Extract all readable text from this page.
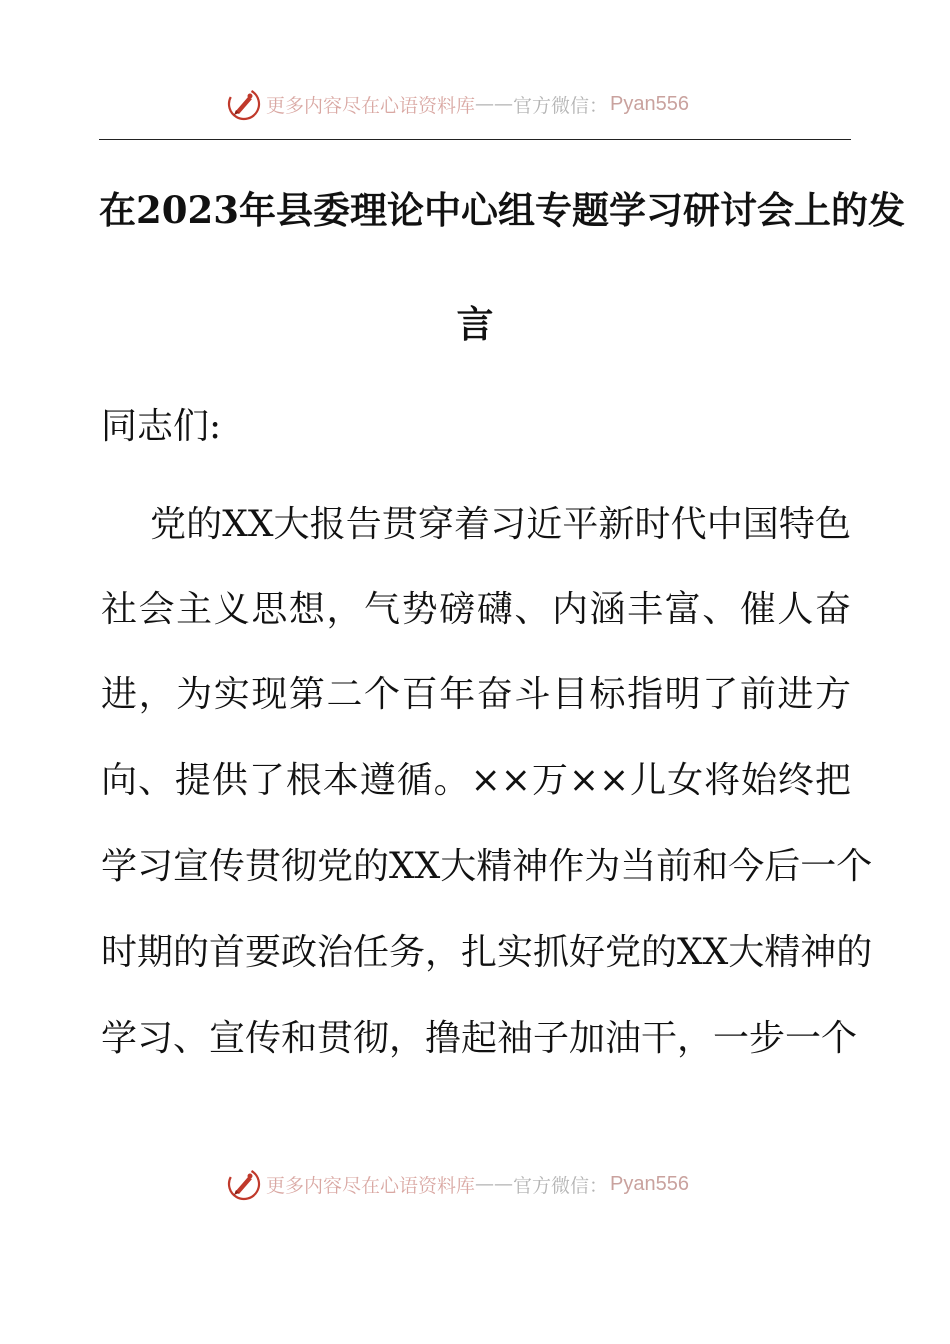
更多内容尽在心语资料库 —— 官方微信： Pyan556
在2023年县委理论中心组专题学习研讨会上的发
言

同志们:

党的XX大报告贯穿着习近平新时代中国特色

社会主义思想，气势磅礴、内涵丰富、催人奋

进，为实现第二个百年奋斗目标指明了前进方

向、提供了根本遵循。××万××儿女将始终把

学习宣传贯彻党的XX大精神作为当前和今后一个

时期的首要政治任务，扎实抓好党的XX大精神的

学习、宣传和贯彻，撸起袖子加油干，一步一个

更多内容尽在心语资料库 —— 官方微信： Pyan556
